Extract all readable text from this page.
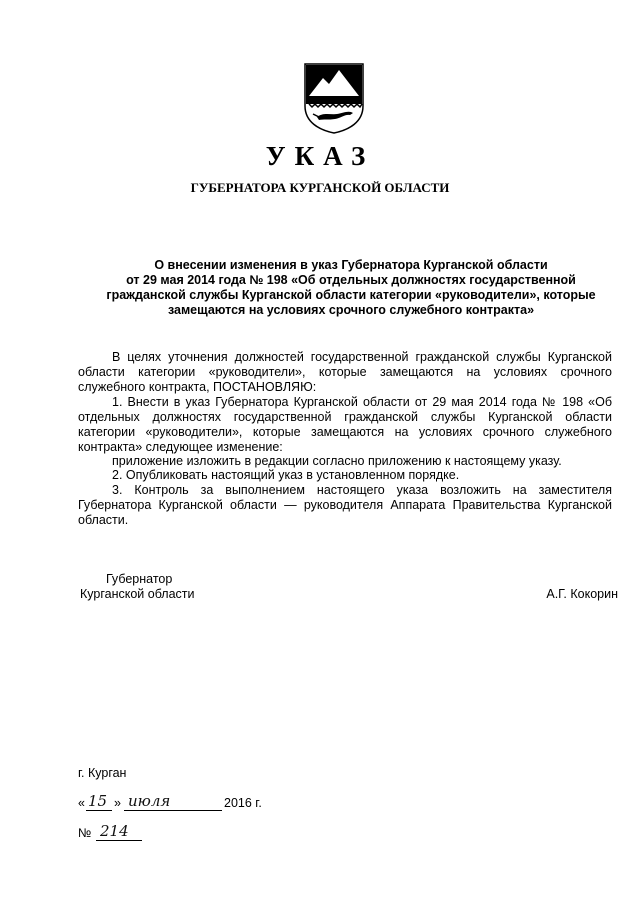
УКАЗ
ГУБЕРНАТОРА КУРГАНСКОЙ ОБЛАСТИ
О внесении изменения в указ Губернатора Курганской области
от 29 мая 2014 года № 198 «Об отдельных должностях государственной
гражданской службы Курганской области категории «руководители», которые
замещаются на условиях срочного служебного контракта»
В целях уточнения должностей государственной гражданской службы Курганской области категории «руководители», которые замещаются на условиях срочного служебного контракта, ПОСТАНОВЛЯЮ:
1. Внести в указ Губернатора Курганской области от 29 мая 2014 года № 198 «Об отдельных должностях государственной гражданской службы Курганской области категории «руководители», которые замещаются на условиях срочного служебного контракта» следующее изменение:
приложение изложить в редакции согласно приложению к настоящему указу.
2. Опубликовать настоящий указ в установленном порядке.
3. Контроль за выполнением настоящего указа возложить на заместителя Губернатора Курганской области — руководителя Аппарата Правительства Курганской области.
Губернатор
Курганской области	А.Г. Кокорин
г. Курган
« 15 » июля	2016 г.
№ 214
